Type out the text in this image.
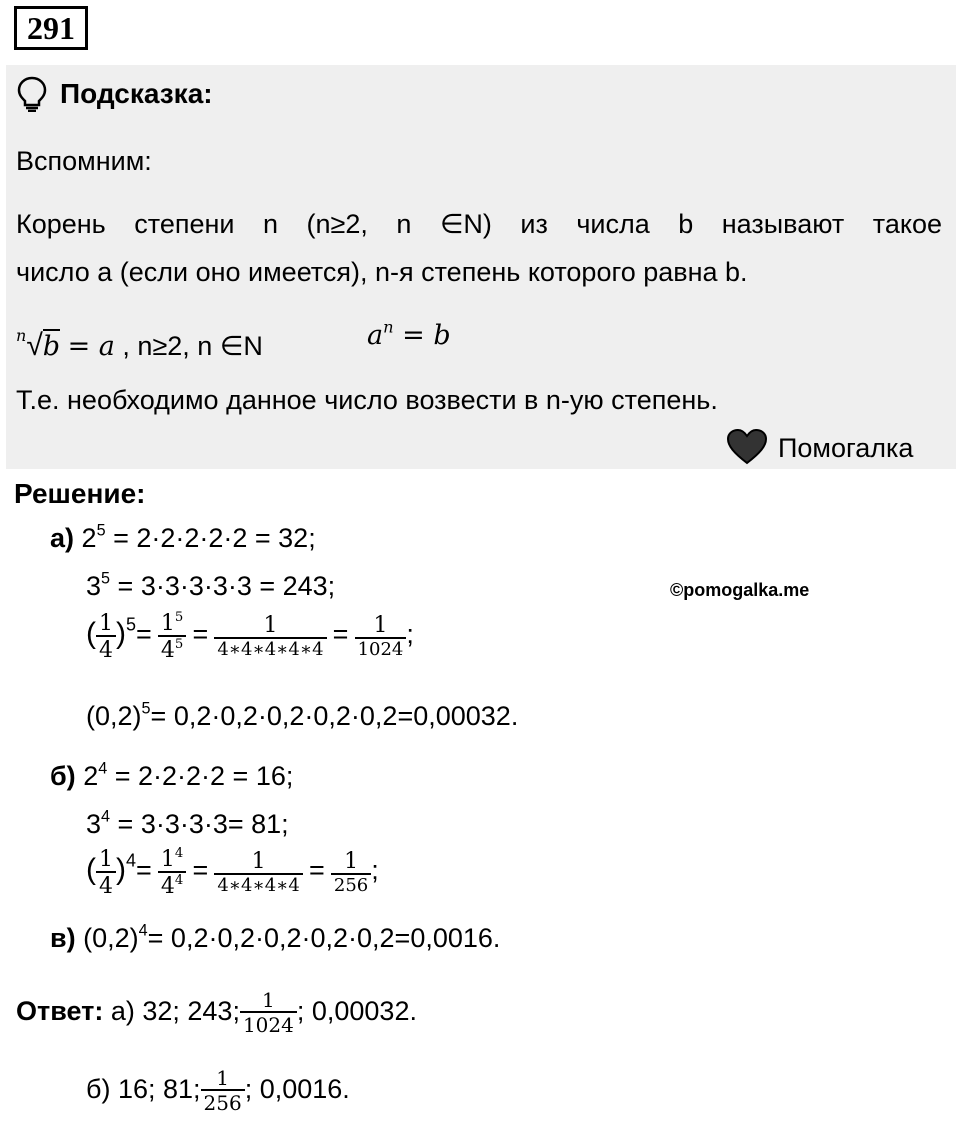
291
Подсказка:
Вспомним:
Корень степени n (n≥2, n ∈N) из числа b называют такое
число a (если оно имеется), n-я степень которого равна b.
$^n$√b = a , n≥2, n ∈N	$a^n = b$
Т.е. необходимо данное число возвести в n-ую степень.
Помогалка
©pomogalka.me
Решение:
а) $2^5 = 2\cdot 2\cdot 2\cdot 2\cdot 2 = 32$;
$3^5 = 3\cdot 3\cdot 3\cdot 3\cdot 3 = 243$;
( $\frac{1}{4} )^5= \frac{1^5}{4^5} = \frac{1}{4∗4∗4∗4∗4} = \frac{1}{1024}$ ;
$(0,2)^5= 0,2\cdot 0,2\cdot 0,2\cdot 0,2\cdot 0,2=0,00032$.
б) $2^4 = 2\cdot 2\cdot 2\cdot 2 = 16$;
$3^4 = 3\cdot 3\cdot 3\cdot 3= 81$;
( $\frac{1}{4} )^4= \frac{1^4}{4^4} = \frac{1}{4∗4∗4∗4} = \frac{1}{256}$ ;
в) $(0,2)^4= 0,2\cdot 0,2\cdot 0,2\cdot 0,2\cdot 0,2=0,0016$.
Ответ: а) 32; 243; $\frac{1}{1024}$ ; 0,00032.
б) 16; 81; $\frac{1}{256}$ ; 0,0016.
